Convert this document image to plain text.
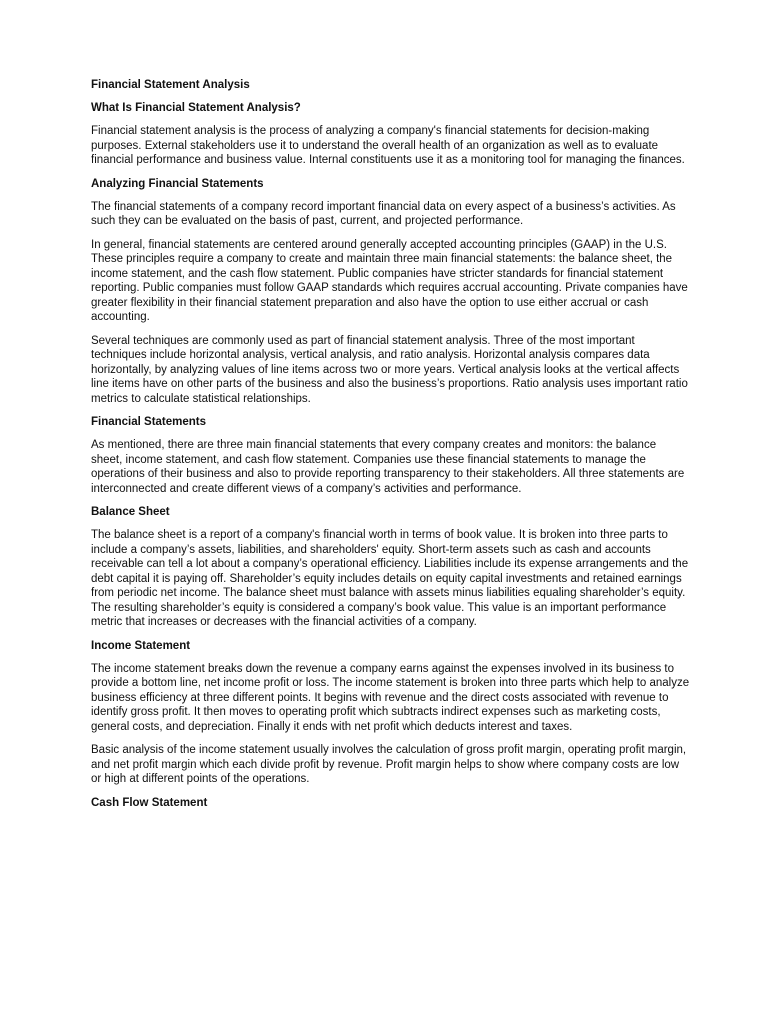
Financial Statement Analysis
What Is Financial Statement Analysis?
Financial statement analysis is the process of analyzing a company's financial statements for decision-making purposes. External stakeholders use it to understand the overall health of an organization as well as to evaluate financial performance and business value. Internal constituents use it as a monitoring tool for managing the finances.
Analyzing Financial Statements
The financial statements of a company record important financial data on every aspect of a business’s activities. As such they can be evaluated on the basis of past, current, and projected performance.
In general, financial statements are centered around generally accepted accounting principles (GAAP) in the U.S. These principles require a company to create and maintain three main financial statements: the balance sheet, the income statement, and the cash flow statement. Public companies have stricter standards for financial statement reporting. Public companies must follow GAAP standards which requires accrual accounting. Private companies have greater flexibility in their financial statement preparation and also have the option to use either accrual or cash accounting.
Several techniques are commonly used as part of financial statement analysis. Three of the most important techniques include horizontal analysis, vertical analysis, and ratio analysis. Horizontal analysis compares data horizontally, by analyzing values of line items across two or more years. Vertical analysis looks at the vertical affects line items have on other parts of the business and also the business’s proportions. Ratio analysis uses important ratio metrics to calculate statistical relationships.
Financial Statements
As mentioned, there are three main financial statements that every company creates and monitors: the balance sheet, income statement, and cash flow statement. Companies use these financial statements to manage the operations of their business and also to provide reporting transparency to their stakeholders. All three statements are interconnected and create different views of a company’s activities and performance.
Balance Sheet
The balance sheet is a report of a company's financial worth in terms of book value. It is broken into three parts to include a company’s assets, liabilities, and shareholders' equity. Short-term assets such as cash and accounts receivable can tell a lot about a company’s operational efficiency. Liabilities include its expense arrangements and the debt capital it is paying off. Shareholder’s equity includes details on equity capital investments and retained earnings from periodic net income. The balance sheet must balance with assets minus liabilities equaling shareholder’s equity. The resulting shareholder’s equity is considered a company’s book value. This value is an important performance metric that increases or decreases with the financial activities of a company.
Income Statement
The income statement breaks down the revenue a company earns against the expenses involved in its business to provide a bottom line, net income profit or loss. The income statement is broken into three parts which help to analyze business efficiency at three different points. It begins with revenue and the direct costs associated with revenue to identify gross profit. It then moves to operating profit which subtracts indirect expenses such as marketing costs, general costs, and depreciation. Finally it ends with net profit which deducts interest and taxes.
Basic analysis of the income statement usually involves the calculation of gross profit margin, operating profit margin, and net profit margin which each divide profit by revenue. Profit margin helps to show where company costs are low or high at different points of the operations.
Cash Flow Statement
